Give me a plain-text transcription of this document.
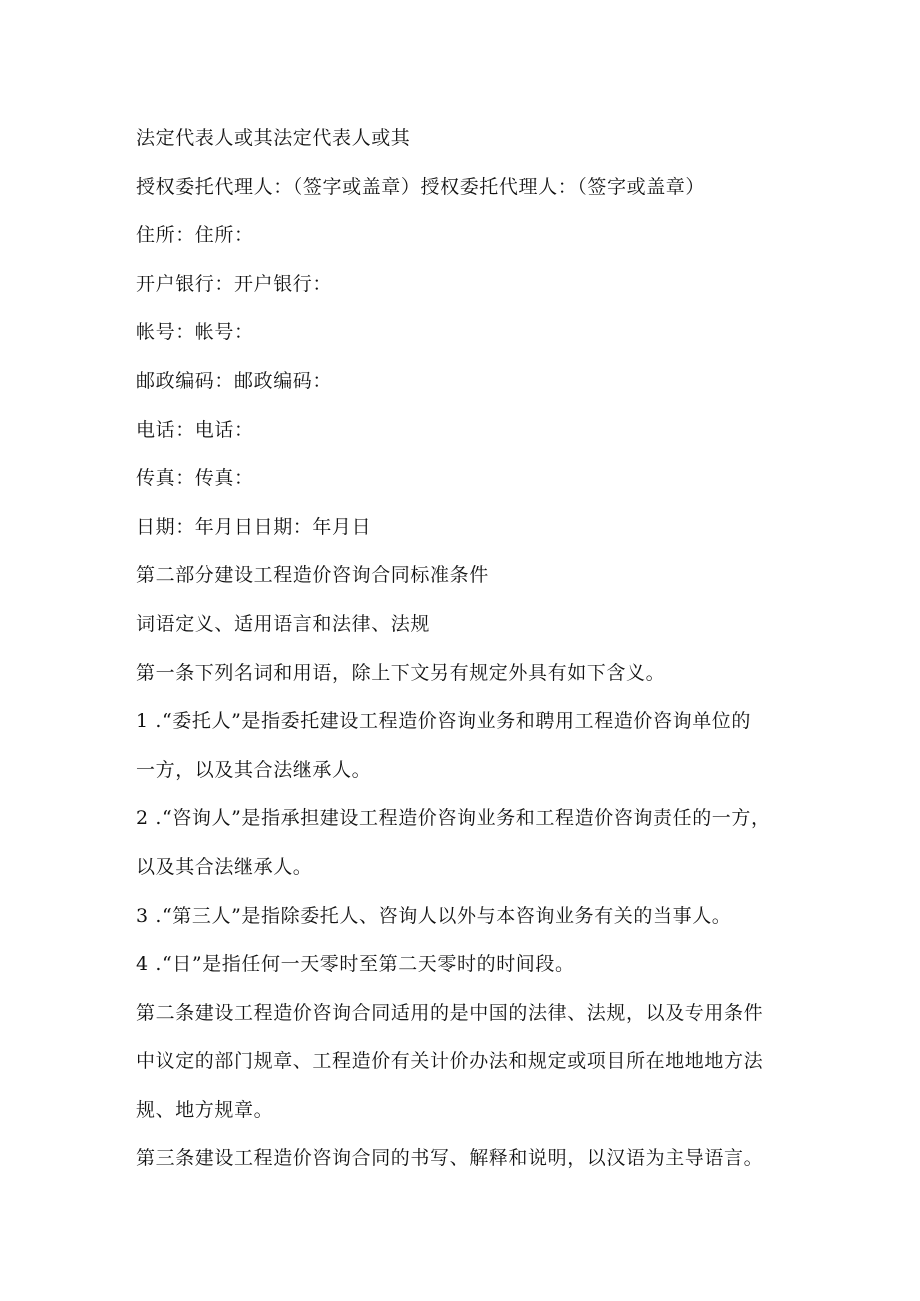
法定代表人或其法定代表人或其

授权委托代理人：（签字或盖章）授权委托代理人：（签字或盖章）

住所：住所：

开户银行：开户银行：

帐号：帐号：

邮政编码：邮政编码：

电话：电话：

传真：传真：

日期：年月日日期：年月日

第二部分建设工程造价咨询合同标准条件

词语定义、适用语言和法律、法规

第一条下列名词和用语，除上下文另有规定外具有如下含义。

1 .“委托人”是指委托建设工程造价咨询业务和聘用工程造价咨询单位的

一方，以及其合法继承人。

2 .“咨询人”是指承担建设工程造价咨询业务和工程造价咨询责任的一方，

以及其合法继承人。

3 .“第三人”是指除委托人、咨询人以外与本咨询业务有关的当事人。

4 .“日”是指任何一天零时至第二天零时的时间段。

第二条建设工程造价咨询合同适用的是中国的法律、法规，以及专用条件

中议定的部门规章、工程造价有关计价办法和规定或项目所在地地地方法

规、地方规章。

第三条建设工程造价咨询合同的书写、解释和说明，以汉语为主导语言。
